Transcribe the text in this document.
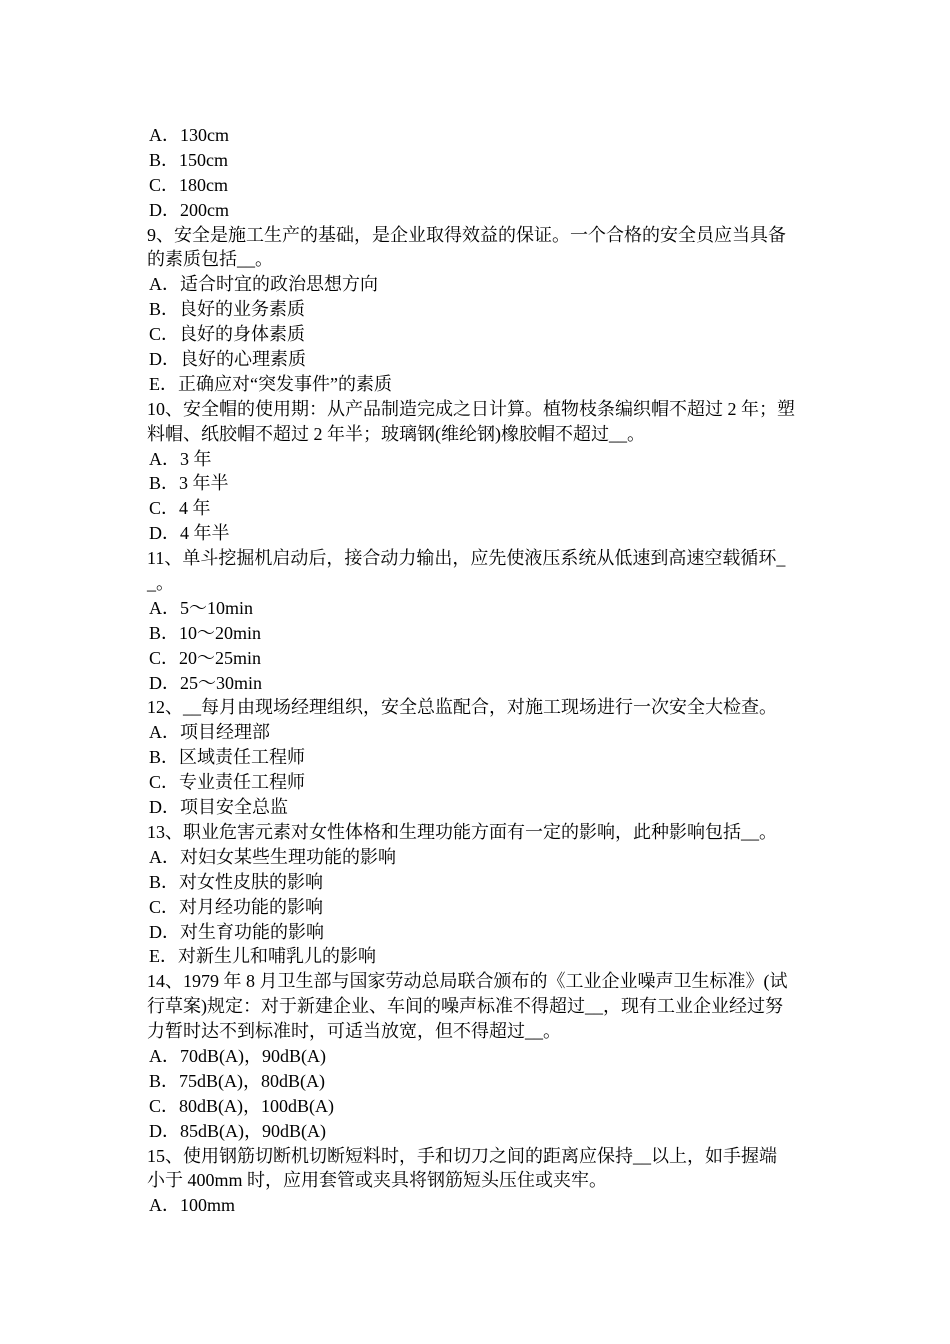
A．130cm
B．150cm
C．180cm
D．200cm
9、安全是施工生产的基础，是企业取得效益的保证。一个合格的安全员应当具备
的素质包括__。
A．适合时宜的政治思想方向
B．良好的业务素质
C．良好的身体素质
D．良好的心理素质
E．正确应对“突发事件”的素质
10、安全帽的使用期：从产品制造完成之日计算。植物枝条编织帽不超过 2 年；塑
料帽、纸胶帽不超过 2 年半；玻璃钢(维纶钢)橡胶帽不超过__。
A．3 年
B．3 年半
C．4 年
D．4 年半
11、单斗挖掘机启动后，接合动力输出，应先使液压系统从低速到高速空载循环_
_。
A．5～10min
B．10～20min
C．20～25min
D．25～30min
12、__每月由现场经理组织，安全总监配合，对施工现场进行一次安全大检查。
A．项目经理部
B．区域责任工程师
C．专业责任工程师
D．项目安全总监
13、职业危害元素对女性体格和生理功能方面有一定的影响，此种影响包括__。
A．对妇女某些生理功能的影响
B．对女性皮肤的影响
C．对月经功能的影响
D．对生育功能的影响
E．对新生儿和哺乳儿的影响
14、1979 年 8 月卫生部与国家劳动总局联合颁布的《工业企业噪声卫生标准》(试
行草案)规定：对于新建企业、车间的噪声标准不得超过__，现有工业企业经过努
力暂时达不到标准时，可适当放宽，但不得超过__。
A．70dB(A)，90dB(A)
B．75dB(A)，80dB(A)
C．80dB(A)，100dB(A)
D．85dB(A)，90dB(A)
15、使用钢筋切断机切断短料时，手和切刀之间的距离应保持__以上，如手握端
小于 400mm 时，应用套管或夹具将钢筋短头压住或夹牢。
A．100mm
